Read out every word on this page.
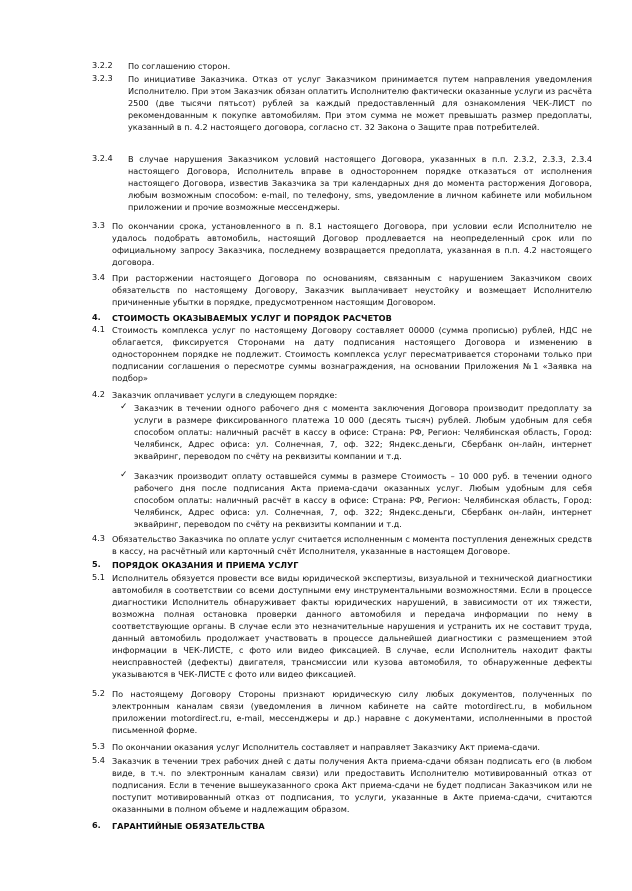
3.2.2 По соглашению сторон.
3.2.3 По инициативе Заказчика. Отказ от услуг Заказчиком принимается путем направления уведомления Исполнителю. При этом Заказчик обязан оплатить Исполнителю фактически оказанные услуги из расчёта 2500 (две тысячи пятьсот) рублей за каждый предоставленный для ознакомления ЧЕК-ЛИСТ по рекомендованным к покупке автомобилям. При этом сумма не может превышать размер предоплаты, указанный в п. 4.2 настоящего договора, согласно ст. 32 Закона о Защите прав потребителей.
3.2.4 В случае нарушения Заказчиком условий настоящего Договора, указанных в п.п. 2.3.2, 2.3.3, 2.3.4 настоящего Договора, Исполнитель вправе в одностороннем порядке отказаться от исполнения настоящего Договора, известив Заказчика за три календарных дня до момента расторжения Договора, любым возможным способом: e-mail, по телефону, sms, уведомление в личном кабинете или мобильном приложении и прочие возможные мессенджеры.
3.3 По окончании срока, установленного в п. 8.1 настоящего Договора, при условии если Исполнителю не удалось подобрать автомобиль, настоящий Договор продлевается на неопределенный срок или по официальному запросу Заказчика, последнему возвращается предоплата, указанная в п.п. 4.2 настоящего договора.
3.4 При расторжении настоящего Договора по основаниям, связанным с нарушением Заказчиком своих обязательств по настоящему Договору, Заказчик выплачивает неустойку и возмещает Исполнителю причиненные убытки в порядке, предусмотренном настоящим Договором.
4. СТОИМОСТЬ ОКАЗЫВАЕМЫХ УСЛУГ И ПОРЯДОК РАСЧЕТОВ
4.1 Стоимость комплекса услуг по настоящему Договору составляет 00000 (сумма прописью) рублей, НДС не облагается, фиксируется Сторонами на дату подписания настоящего Договора и изменению в одностороннем порядке не подлежит. Стоимость комплекса услуг пересматривается сторонами только при подписании соглашения о пересмотре суммы вознаграждения, на основании Приложения №1 «Заявка на подбор»
4.2 Заказчик оплачивает услуги в следующем порядке:
✓ Заказчик в течении одного рабочего дня с момента заключения Договора производит предоплату за услуги в размере фиксированного платежа 10 000 (десять тысяч) рублей. Любым удобным для себя способом оплаты: наличный расчёт в кассу в офисе: Страна: РФ, Регион: Челябинская область, Город: Челябинск, Адрес офиса: ул. Солнечная, 7, оф. 322; Яндекс.деньги, Сбербанк он-лайн, интернет эквайринг, переводом по счёту на реквизиты компании и т.д.
✓ Заказчик производит оплату оставшейся суммы в размере Стоимость – 10 000 руб. в течении одного рабочего дня после подписания Акта приема-сдачи оказанных услуг. Любым удобным для себя способом оплаты: наличный расчёт в кассу в офисе: Страна: РФ, Регион: Челябинская область, Город: Челябинск, Адрес офиса: ул. Солнечная, 7, оф. 322; Яндекс.деньги, Сбербанк он-лайн, интернет эквайринг, переводом по счёту на реквизиты компании и т.д.
4.3 Обязательство Заказчика по оплате услуг считается исполненным с момента поступления денежных средств в кассу, на расчётный или карточный счёт Исполнителя, указанные в настоящем Договоре.
5. ПОРЯДОК ОКАЗАНИЯ И ПРИЕМА УСЛУГ
5.1 Исполнитель обязуется провести все виды юридической экспертизы, визуальной и технической диагностики автомобиля в соответствии со всеми доступными ему инструментальными возможностями. Если в процессе диагностики Исполнитель обнаруживает факты юридических нарушений, в зависимости от их тяжести, возможна полная остановка проверки данного автомобиля и передача информации по нему в соответствующие органы. В случае если это незначительные нарушения и устранить их не составит труда, данный автомобиль продолжает участвовать в процессе дальнейшей диагностики с размещением этой информации в ЧЕК-ЛИСТЕ, с фото или видео фиксацией. В случае, если Исполнитель находит факты неисправностей (дефекты) двигателя, трансмиссии или кузова автомобиля, то обнаруженные дефекты указываются в ЧЕК-ЛИСТЕ с фото или видео фиксацией.
5.2 По настоящему Договору Стороны признают юридическую силу любых документов, полученных по электронным каналам связи (уведомления в личном кабинете на сайте motordirect.ru, в мобильном приложении motordirect.ru, e-mail, мессенджеры и др.) наравне с документами, исполненными в простой письменной форме.
5.3 По окончании оказания услуг Исполнитель составляет и направляет Заказчику Акт приема-сдачи.
5.4 Заказчик в течении трех рабочих дней с даты получения Акта приема-сдачи обязан подписать его (в любом виде, в т.ч. по электронным каналам связи) или предоставить Исполнителю мотивированный отказ от подписания. Если в течение вышеуказанного срока Акт приема-сдачи не будет подписан Заказчиком или не поступит мотивированный отказ от подписания, то услуги, указанные в Акте приема-сдачи, считаются оказанными в полном объеме и надлежащим образом.
6. ГАРАНТИЙНЫЕ ОБЯЗАТЕЛЬСТВА
